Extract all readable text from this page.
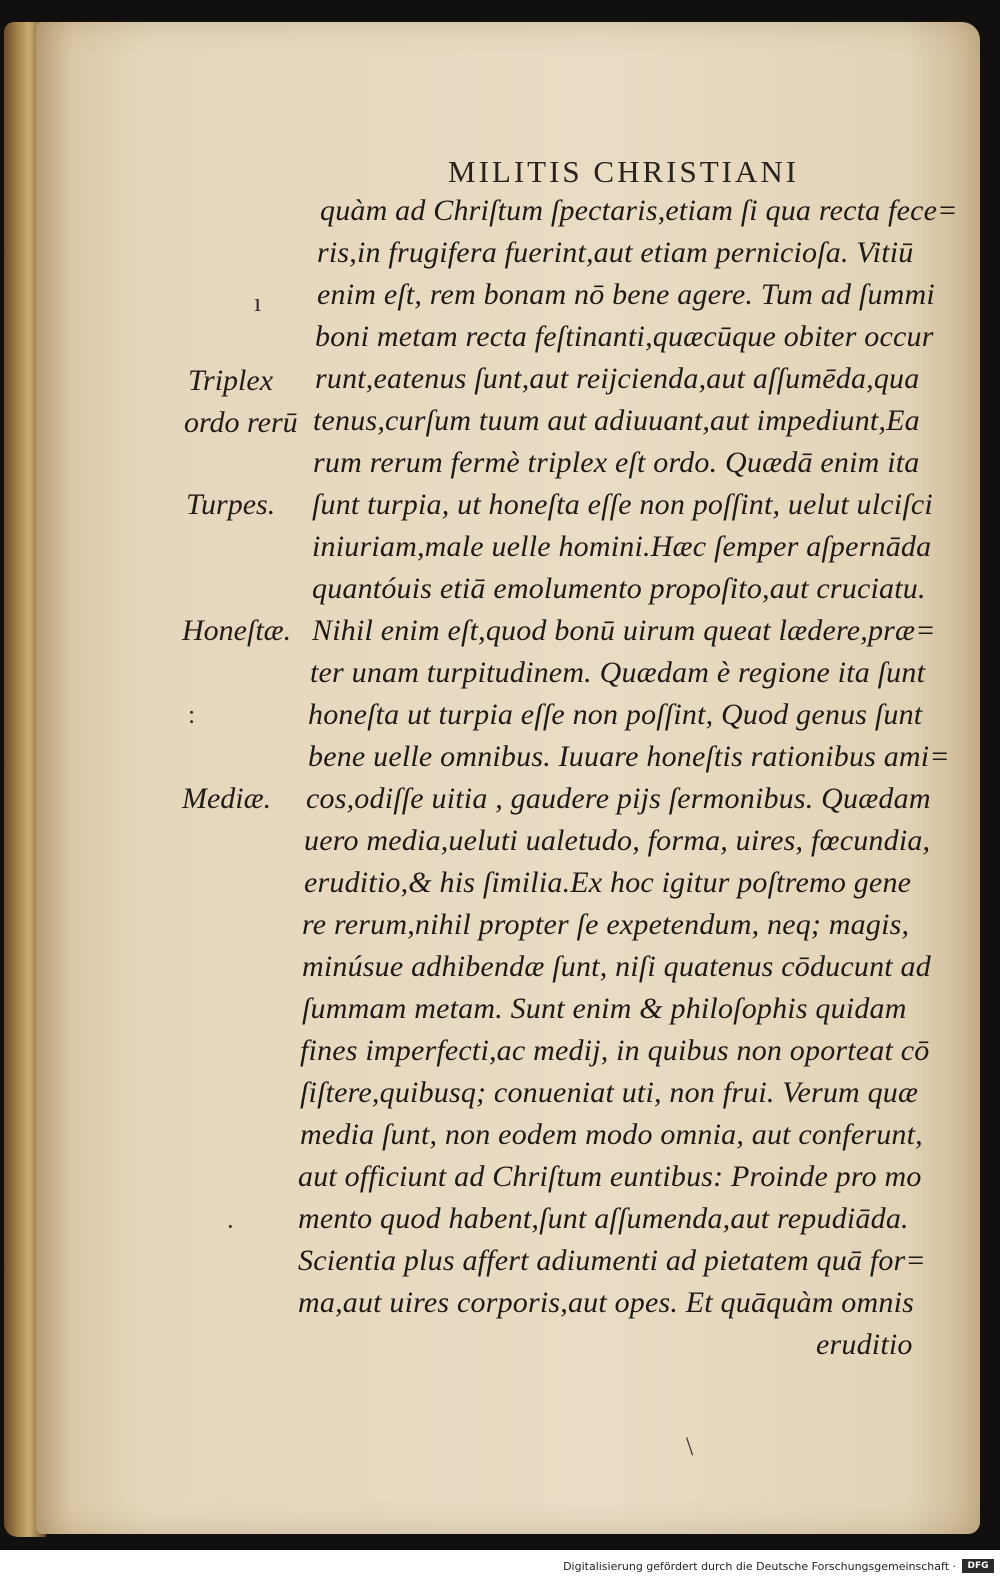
MILITIS CHRISTIANI
quàm ad Chriſtum ſpectaris,etiam ſi qua recta fece=
ris,in frugifera fuerint,aut etiam pernicioſa. Vitiū
enim eſt, rem bonam nō bene agere. Tum ad ſummi
boni metam recta feſtinanti,quæcūque obiter occur
runt,eatenus ſunt,aut reijcienda,aut aſſumēda,qua
tenus,curſum tuum aut adiuuant,aut impediunt,Ea
rum rerum fermè triplex eſt ordo. Quædā enim ita
ſunt turpia, ut honeſta eſſe non poſſint, uelut ulciſci
iniuriam,male uelle homini.Hæc ſemper aſpernāda
quantóuis etiā emolumento propoſito,aut cruciatu.
Nihil enim eſt,quod bonū uirum queat lædere,præ=
ter unam turpitudinem. Quædam è regione ita ſunt
honeſta ut turpia eſſe non poſſint, Quod genus ſunt
bene uelle omnibus. Iuuare honeſtis rationibus ami=
cos,odiſſe uitia , gaudere pijs ſermonibus. Quædam
uero media,ueluti ualetudo, forma, uires, fœcundia,
eruditio,& his ſimilia.Ex hoc igitur poſtremo gene
re rerum,nihil propter ſe expetendum, neq; magis,
minúsue adhibendæ ſunt, niſi quatenus cōducunt ad
ſummam metam. Sunt enim & philoſophis quidam
fines imperfecti,ac medij, in quibus non oporteat cō
ſiſtere,quibusq; conueniat uti, non frui. Verum quæ
media ſunt, non eodem modo omnia, aut conferunt,
aut officiunt ad Chriſtum euntibus: Proinde pro mo
mento quod habent,ſunt aſſumenda,aut repudiāda.
Scientia plus affert adiumenti ad pietatem quā for=
ma,aut uires corporis,aut opes. Et quāquàm omnis
eruditio
Triplex
ordo rerū
Turpes.
Honeſtæ.
Mediæ.
ı
:
·
\
Digitalisierung gefördert durch die Deutsche Forschungsgemeinschaft ·	DFG
